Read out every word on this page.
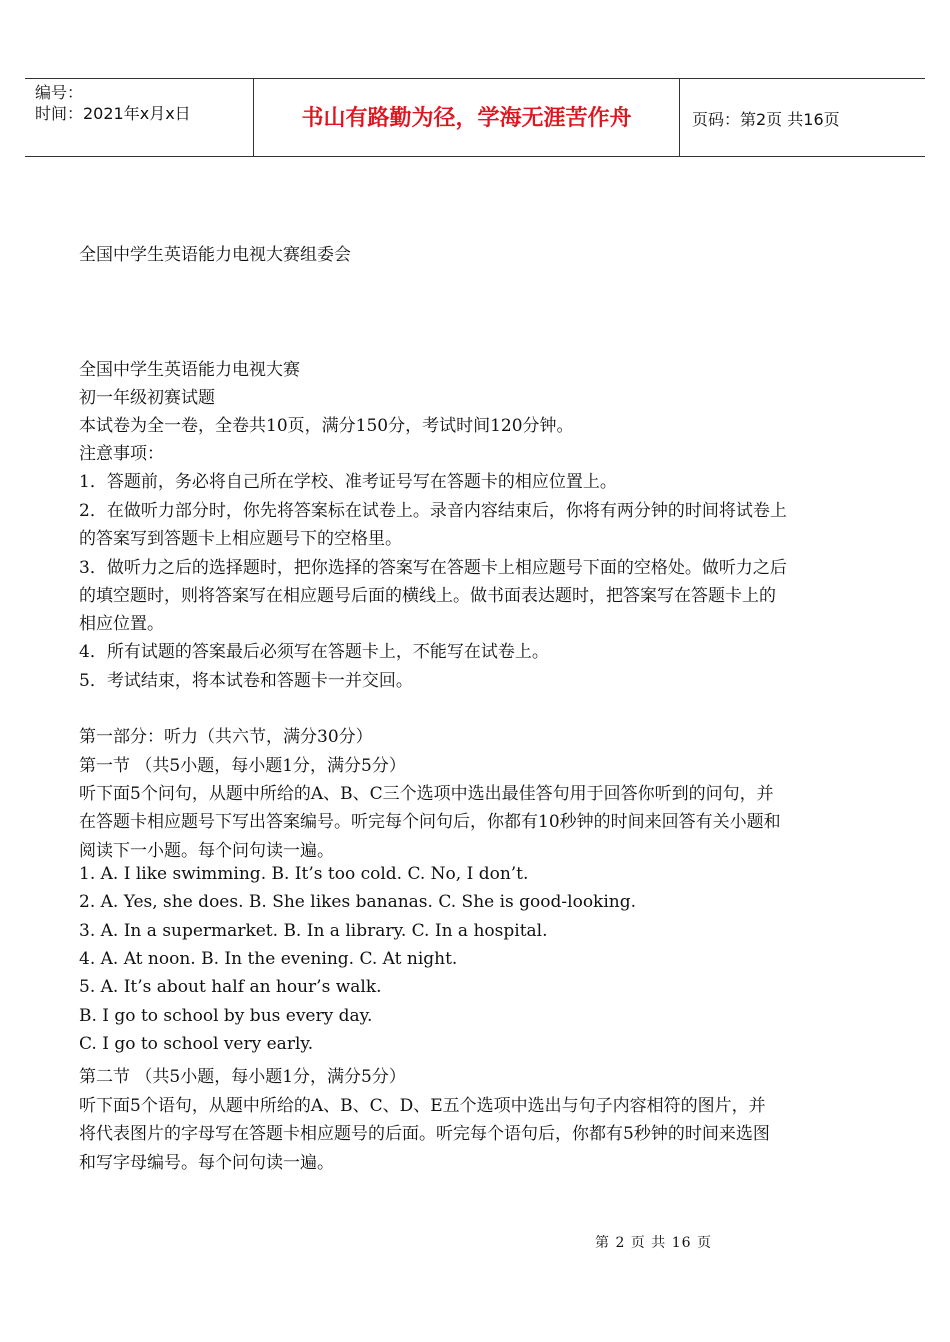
编号：
时间：2021年x月x日	书山有路勤为径，学海无涯苦作舟	页码：第2页 共16页
全国中学生英语能力电视大赛组委会
全国中学生英语能力电视大赛
初一年级初赛试题
本试卷为全一卷，全卷共10页，满分150分，考试时间120分钟。
注意事项：
1．答题前，务必将自己所在学校、准考证号写在答题卡的相应位置上。
2．在做听力部分时，你先将答案标在试卷上。录音内容结束后，你将有两分钟的时间将试卷上
的答案写到答题卡上相应题号下的空格里。
3．做听力之后的选择题时，把你选择的答案写在答题卡上相应题号下面的空格处。做听力之后
的填空题时，则将答案写在相应题号后面的横线上。做书面表达题时，把答案写在答题卡上的
相应位置。
4．所有试题的答案最后必须写在答题卡上，不能写在试卷上。
5．考试结束，将本试卷和答题卡一并交回。
第一部分：听力（共六节，满分30分）
第一节 （共5小题，每小题1分，满分5分）
听下面5个问句，从题中所给的A、B、C三个选项中选出最佳答句用于回答你听到的问句，并
在答题卡相应题号下写出答案编号。听完每个问句后，你都有10秒钟的时间来回答有关小题和
阅读下一小题。每个问句读一遍。
1. A. I like swimming. B. It’s too cold. C. No, I don’t.
2. A. Yes, she does. B. She likes bananas. C. She is good-looking.
3. A. In a supermarket. B. In a library. C. In a hospital.
4. A. At noon. B. In the evening. C. At night.
5. A. It’s about half an hour’s walk.
B. I go to school by bus every day.
C. I go to school very early.
第二节 （共5小题，每小题1分，满分5分）
听下面5个语句，从题中所给的A、B、C、D、E五个选项中选出与句子内容相符的图片，并
将代表图片的字母写在答题卡相应题号的后面。听完每个语句后，你都有5秒钟的时间来选图
和写字母编号。每个问句读一遍。
第 2 页 共 16 页
